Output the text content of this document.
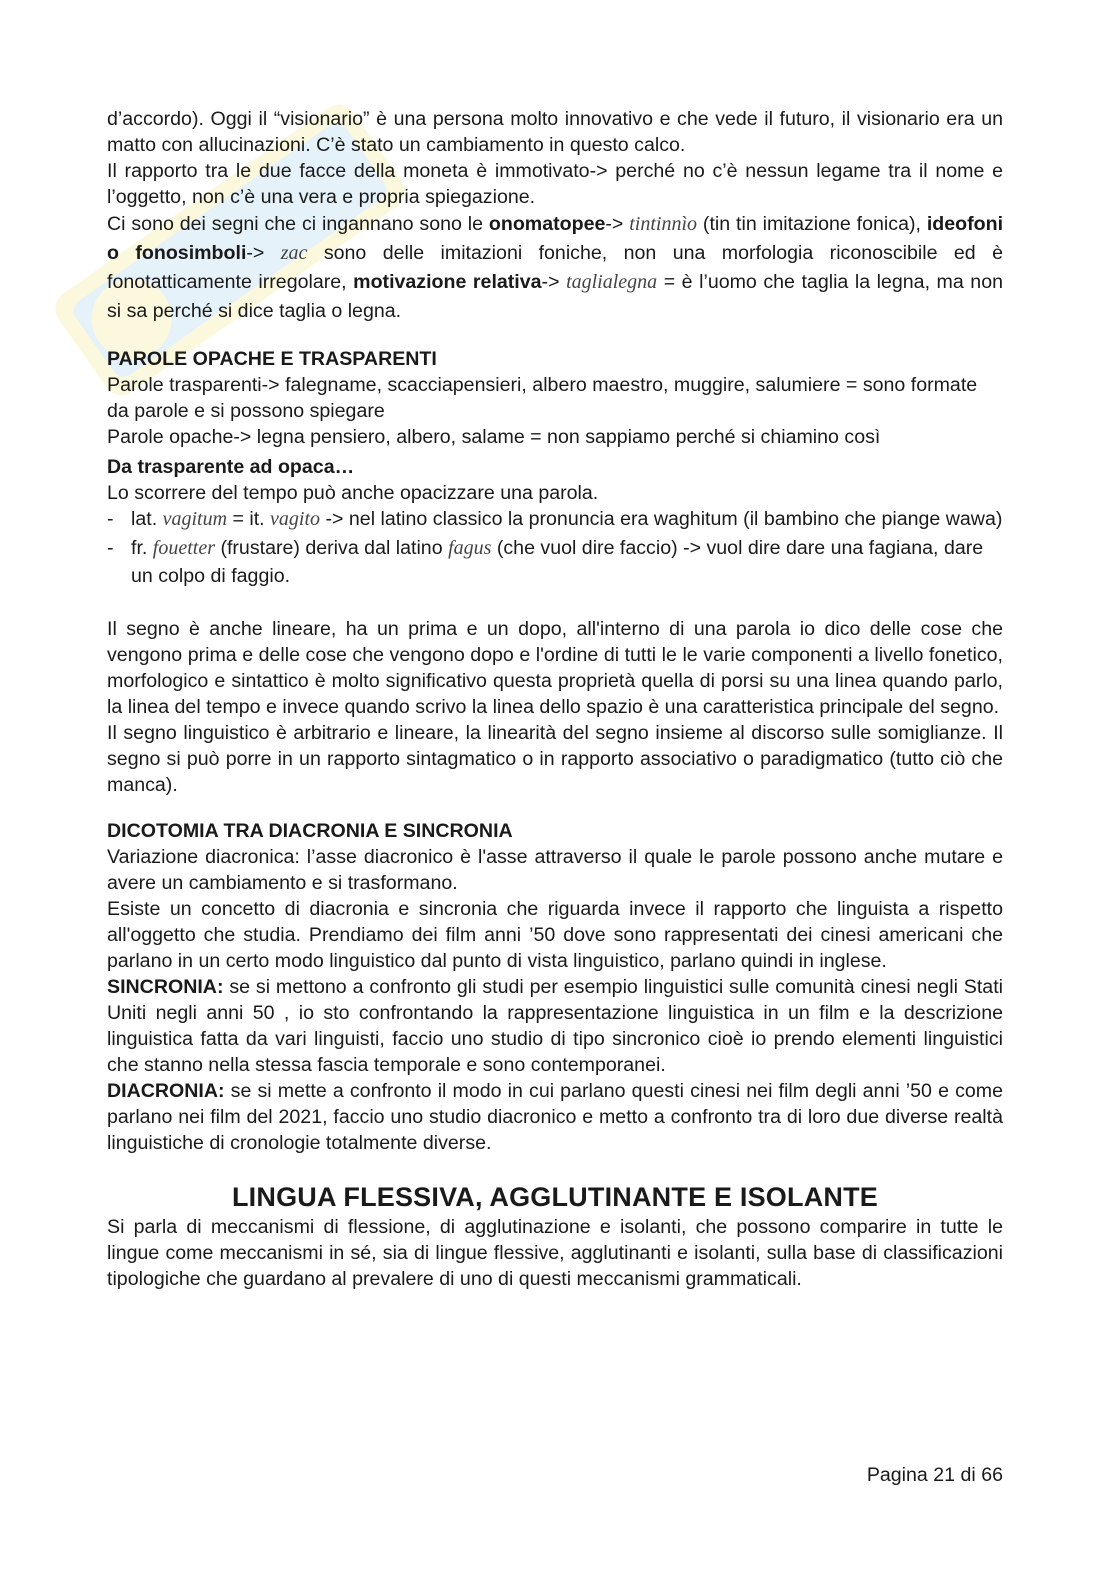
d’accordo). Oggi il “visionario” è una persona molto innovativo e che vede il futuro, il visionario era un matto con allucinazioni. C’è stato un cambiamento in questo calco.

Il rapporto tra le due facce della moneta è immotivato-> perché no c’è nessun legame tra il nome e l’oggetto, non c’è una vera e propria spiegazione.

Ci sono dei segni che ci ingannano sono le onomatopee-> tintinnìo (tin tin imitazione fonica), ideofoni o fonosimboli-> zac sono delle imitazioni foniche, non una morfologia riconoscibile ed è fonotatticamente irregolare, motivazione relativa-> taglialegna = è l’uomo che taglia la legna, ma non si sa perché si dice taglia o legna.

PAROLE OPACHE E TRASPARENTI

Parole trasparenti-> falegname, scacciapensieri, albero maestro, muggire, salumiere = sono formate da parole e si possono spiegare

Parole opache-> legna pensiero, albero, salame = non sappiamo perché si chiamino così

Da trasparente ad opaca…

Lo scorrere del tempo può anche opacizzare una parola.

- lat. vagitum = it. vagito -> nel latino classico la pronuncia era waghitum (il bambino che piange wawa)
- fr. fouetter (frustare) deriva dal latino fagus (che vuol dire faccio) -> vuol dire dare una fagiana, dare un colpo di faggio.

Il segno è anche lineare, ha un prima e un dopo, all'interno di una parola io dico delle cose che vengono prima e delle cose che vengono dopo e l'ordine di tutti le le varie componenti a livello fonetico, morfologico e sintattico è molto significativo questa proprietà quella di porsi su una linea quando parlo, la linea del tempo e invece quando scrivo la linea dello spazio è una caratteristica principale del segno.

Il segno linguistico è arbitrario e lineare, la linearità del segno insieme al discorso sulle somiglianze. Il segno si può porre in un rapporto sintagmatico o in rapporto associativo o paradigmatico (tutto ciò che manca).

DICOTOMIA TRA DIACRONIA E SINCRONIA

Variazione diacronica: l’asse diacronico è l'asse attraverso il quale le parole possono anche mutare e avere un cambiamento e si trasformano.

Esiste un concetto di diacronia e sincronia che riguarda invece il rapporto che linguista a rispetto all'oggetto che studia. Prendiamo dei film anni ’50 dove sono rappresentati dei cinesi americani che parlano in un certo modo linguistico dal punto di vista linguistico, parlano quindi in inglese.

SINCRONIA: se si mettono a confronto gli studi per esempio linguistici sulle comunità cinesi negli Stati Uniti negli anni 50 , io sto confrontando la rappresentazione linguistica in un film e la descrizione linguistica fatta da vari linguisti, faccio uno studio di tipo sincronico cioè io prendo elementi linguistici che stanno nella stessa fascia temporale e sono contemporanei.

DIACRONIA: se si mette a confronto il modo in cui parlano questi cinesi nei film degli anni ’50 e come parlano nei film del 2021, faccio uno studio diacronico e metto a confronto tra di loro due diverse realtà linguistiche di cronologie totalmente diverse.

LINGUA FLESSIVA, AGGLUTINANTE E ISOLANTE

Si parla di meccanismi di flessione, di agglutinazione e isolanti, che possono comparire in tutte le lingue come meccanismi in sé, sia di lingue flessive, agglutinanti e isolanti, sulla base di classificazioni tipologiche che guardano al prevalere di uno di questi meccanismi grammaticali.

Pagina 21 di 66
